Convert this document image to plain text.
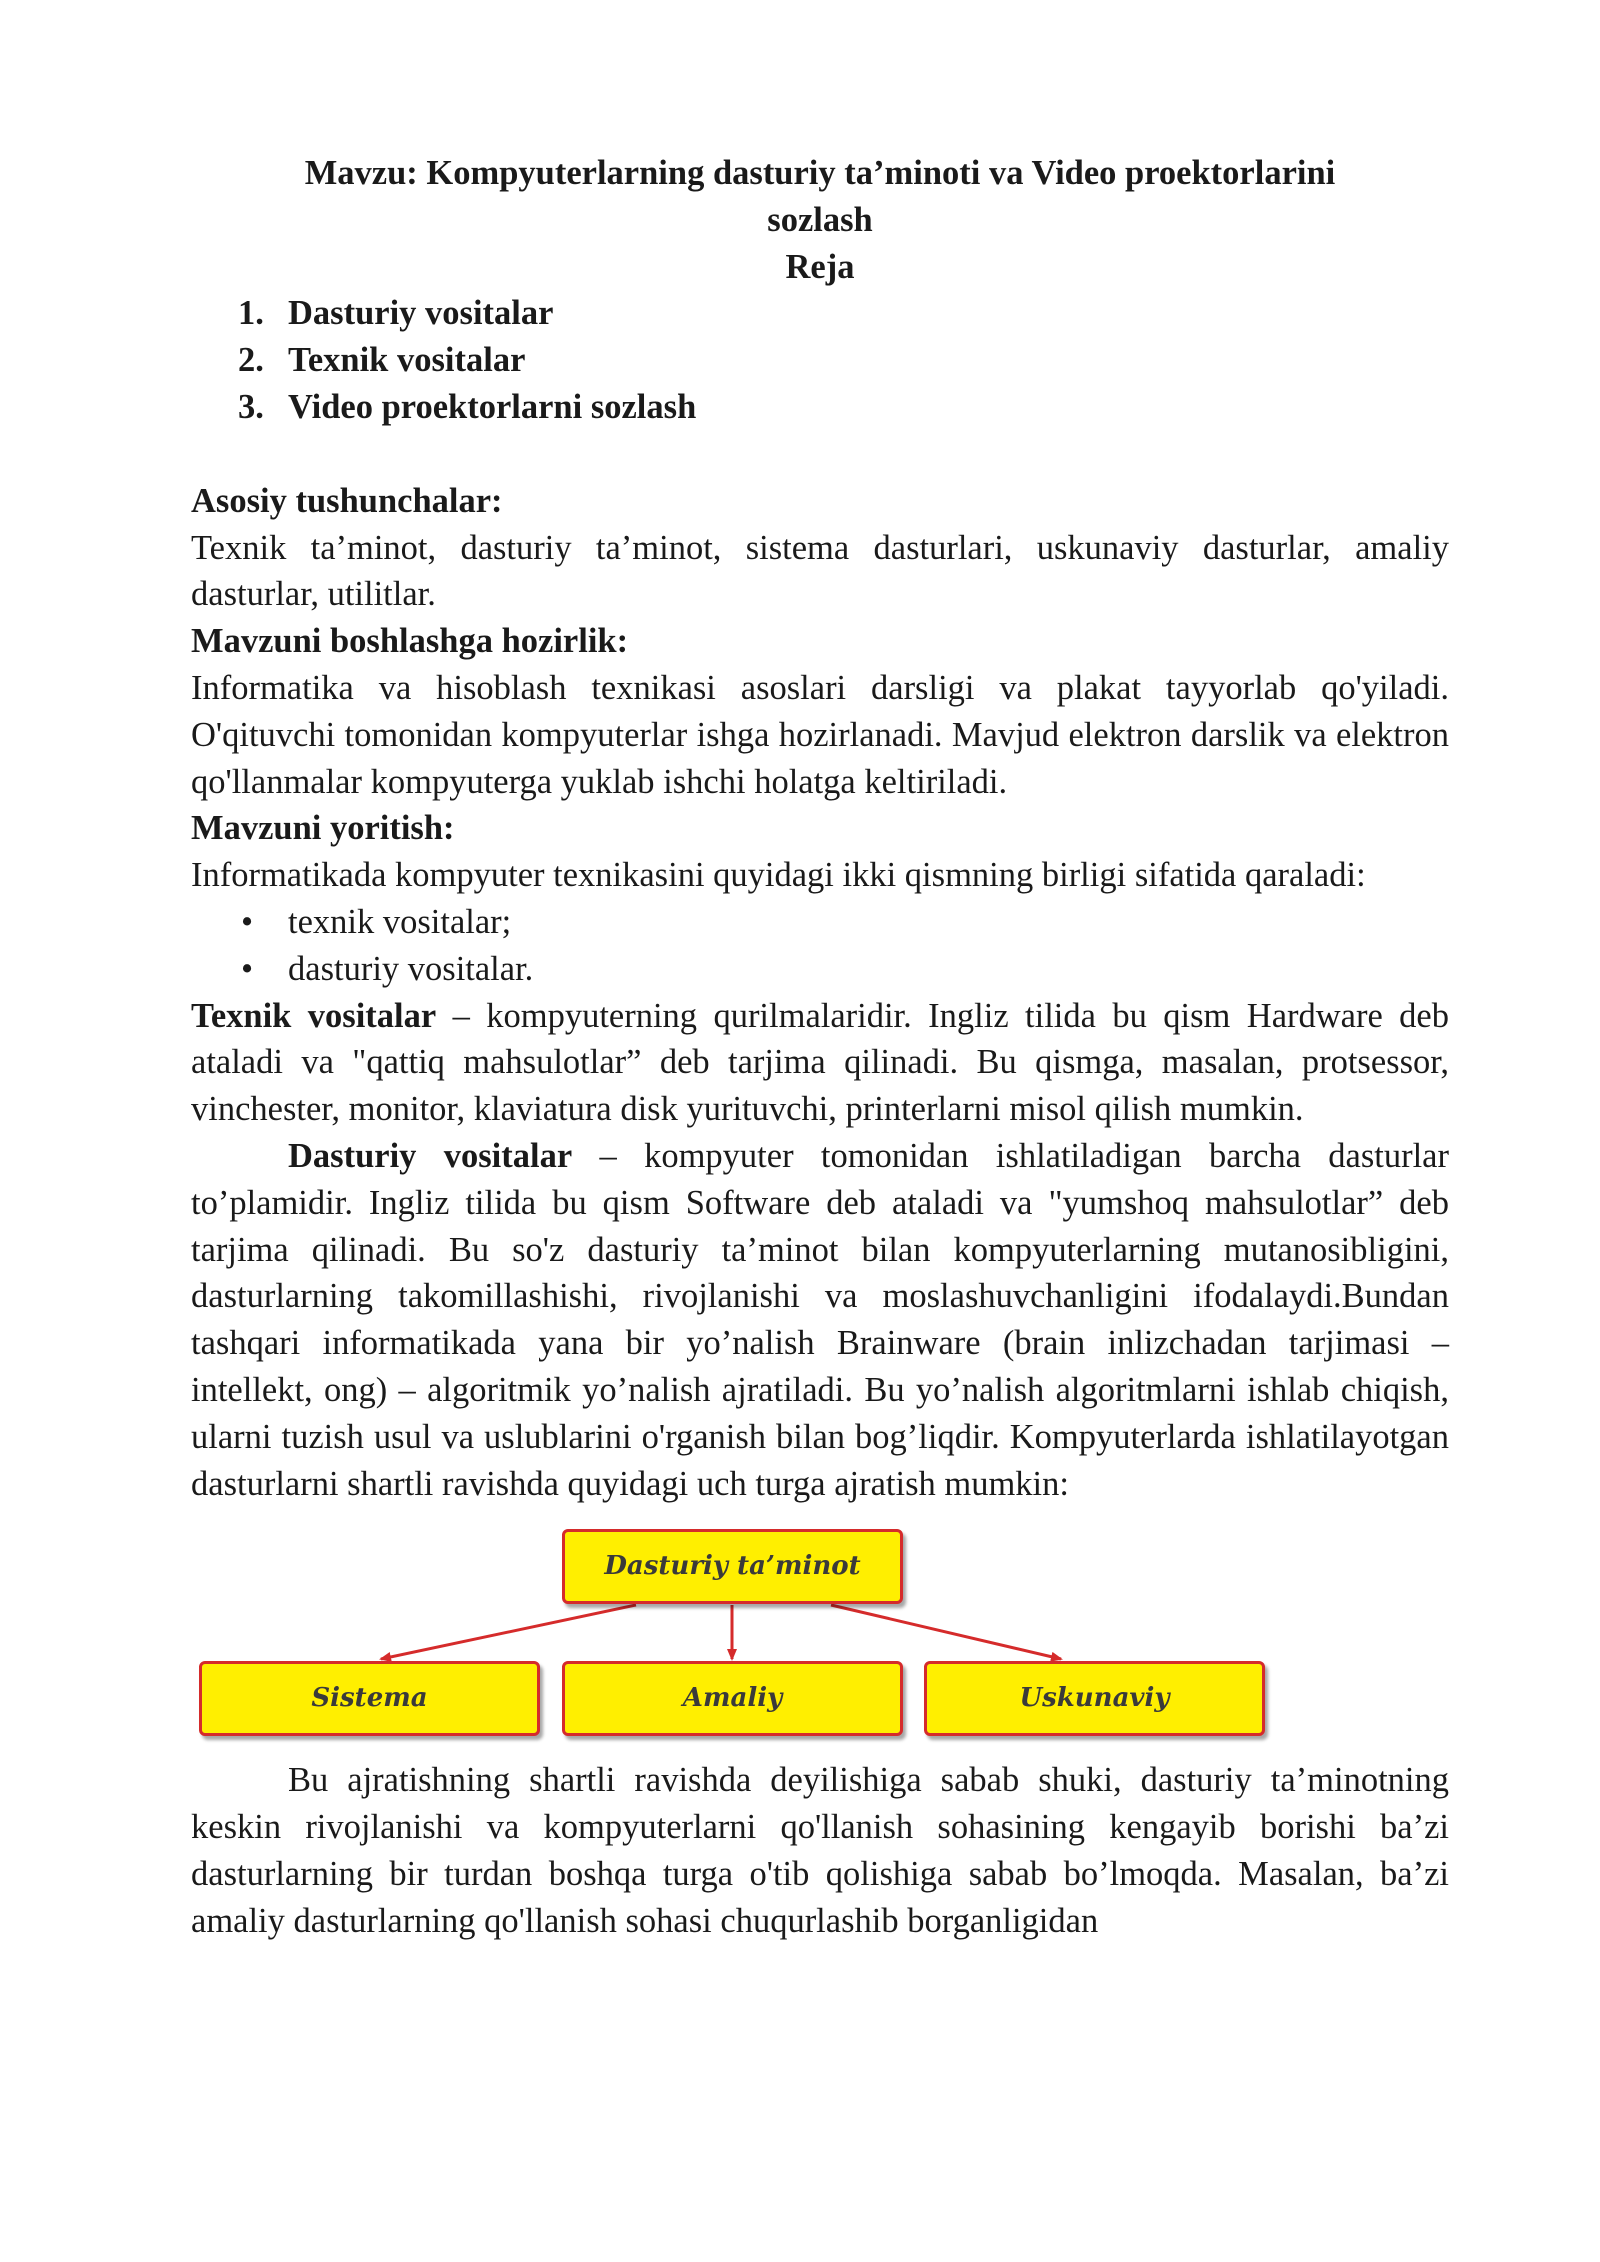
Mavzu: Kompyuterlarning dasturiy ta’minoti va Video proektorlarini
sozlash
Reja

1. Dasturiy vositalar
2. Texnik vositalar
3. Video proektorlarni sozlash

Asosiy tushunchalar:

Texnik ta’minot, dasturiy ta’minot, sistema dasturlari, uskunaviy dasturlar, amaliy dasturlar, utilitlar.

Mavzuni boshlashga hozirlik:

Informatika va hisoblash texnikasi asoslari darsligi va plakat tayyorlab qo'yiladi. O'qituvchi tomonidan kompyuterlar ishga hozirlanadi. Mavjud elektron darslik va elektron qo'llanmalar kompyuterga yuklab ishchi holatga keltiriladi.

Mavzuni yoritish:

Informatikada kompyuter texnikasini quyidagi ikki qismning birligi sifatida qaraladi:

• texnik vositalar;
• dasturiy vositalar.

Texnik vositalar – kompyuterning qurilmalaridir. Ingliz tilida bu qism Hardware deb ataladi va "qattiq mahsulotlar” deb tarjima qilinadi. Bu qismga, masalan, protsessor, vinchester, monitor, klaviatura disk yurituvchi, printerlarni misol qilish mumkin.

Dasturiy vositalar – kompyuter tomonidan ishlatiladigan barcha dasturlar to’plamidir. Ingliz tilida bu qism Software deb ataladi va "yumshoq mahsulotlar” deb tarjima qilinadi. Bu so'z dasturiy ta’minot bilan kompyuterlarning mutanosibligini, dasturlarning takomillashishi, rivojlanishi va moslashuvchanligini ifodalaydi.Bundan tashqari informatikada yana bir yo’nalish Brainware (brain inlizchadan tarjimasi – intellekt, ong) – algoritmik yo’nalish ajratiladi. Bu yo’nalish algoritmlarni ishlab chiqish, ularni tuzish usul va uslublarini o'rganish bilan bog’liqdir. Kompyuterlarda ishlatilayotgan dasturlarni shartli ravishda quyidagi uch turga ajratish mumkin:

Dasturiy ta’minot
Sistema	Amaliy	Uskunaviy

Bu ajratishning shartli ravishda deyilishiga sabab shuki, dasturiy ta’minotning keskin rivojlanishi va kompyuterlarni qo'llanish sohasining kengayib borishi ba’zi dasturlarning bir turdan boshqa turga o'tib qolishiga sabab bo’lmoqda. Masalan, ba’zi amaliy dasturlarning qo'llanish sohasi chuqurlashib borganligidan
